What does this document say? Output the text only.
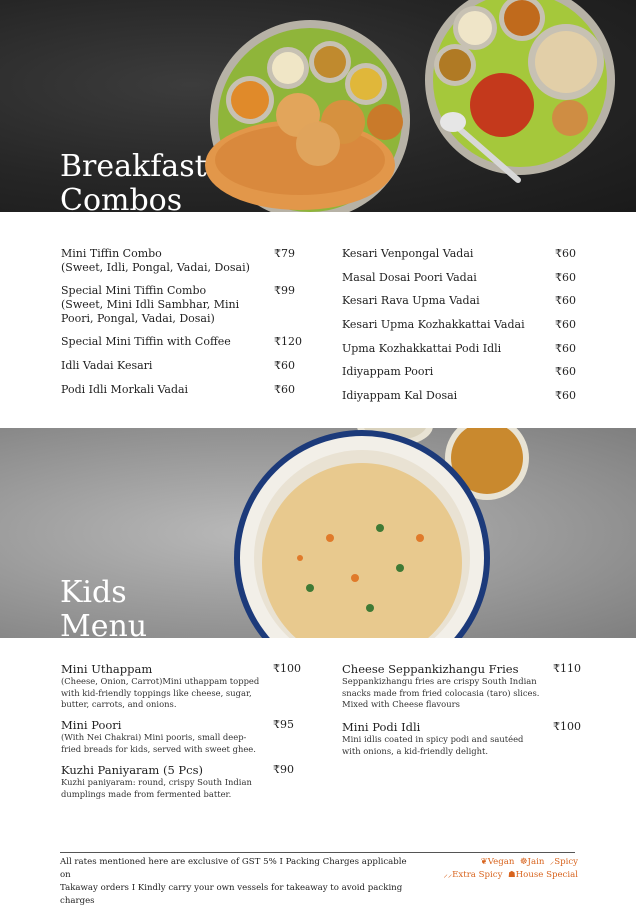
Breakfast
Combos
Mini Tiffin Combo
(Sweet, Idli, Pongal, Vadai, Dosai)
₹79
Special Mini Tiffin Combo
(Sweet, Mini Idli Sambhar, Mini Poori, Pongal, Vadai, Dosai)
₹99
Special Mini Tiffin with Coffee	₹120
Idli Vadai Kesari	₹60
Podi Idli Morkali Vadai	₹60
Kesari Venpongal Vadai	₹60
Masal Dosai Poori Vadai	₹60
Kesari Rava Upma Vadai	₹60
Kesari Upma Kozhakkattai Vadai	₹60
Upma Kozhakkattai Podi Idli	₹60
Idiyappam Poori	₹60
Idiyappam Kal Dosai	₹60
Kids
Menu
Mini Uthappam
(Cheese, Onion, Carrot)Mini uthappam topped with kid-friendly toppings like cheese, sugar, butter, carrots, and onions.
₹100
Mini Poori
(With Nei Chakrai) Mini pooris, small deep-fried breads for kids, served with sweet ghee.
₹95
Kuzhi Paniyaram (5 Pcs)
Kuzhi paniyaram: round, crispy South Indian dumplings made from fermented batter.
₹90
Cheese Seppankizhangu Fries
Seppankizhangu fries are crispy South Indian snacks made from fried colocasia (taro) slices. Mixed with Cheese flavours
₹110
Mini Podi Idli
Mini idlis coated in spicy podi and sautéed with onions, a kid-friendly delight.
₹100
All rates mentioned here are exclusive of GST 5% I Packing Charges applicable on
Takaway orders I Kindly carry your own vessels for takeaway to avoid packing charges
❦Vegan ☸Jain ⸝Spicy
⸝⸝Extra Spicy ☗House Special
